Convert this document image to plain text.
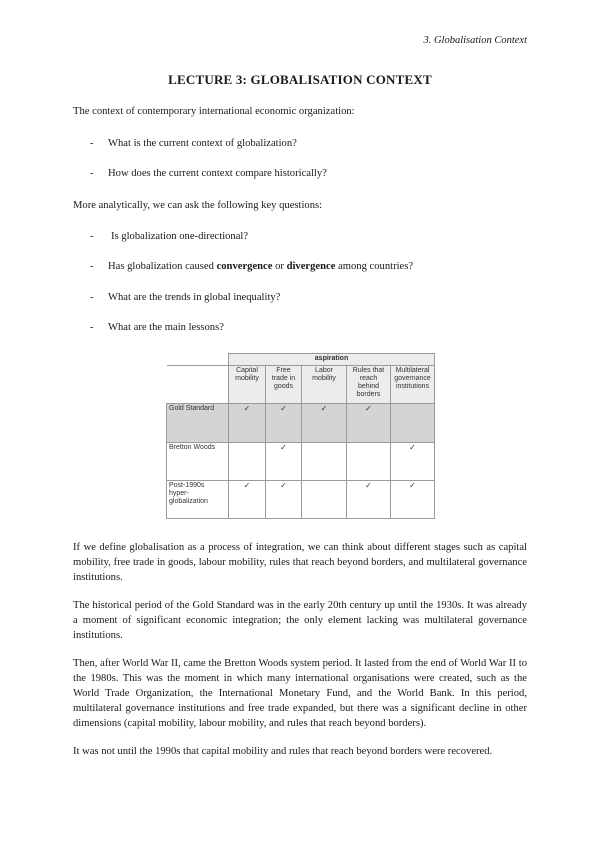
3. Globalisation Context
LECTURE 3: GLOBALISATION CONTEXT
The context of contemporary international economic organization:
- What is the current context of globalization?
- How does the current context compare historically?
More analytically, we can ask the following key questions:
- Is globalization one-directional?
- Has globalization caused convergence or divergence among countries?
- What are the trends in global inequality?
- What are the main lessons?
	aspiration				
	Capital mobility	Free trade in goods	Labor mobility	Rules that reach behind borders	Multilateral governance institutions
Gold Standard	✓	✓	✓	✓	
Bretton Woods		✓			✓
Post-1990s hyper-globalization	✓	✓		✓	✓
If we define globalisation as a process of integration, we can think about different stages such as capital mobility, free trade in goods, labour mobility, rules that reach beyond borders, and multilateral governance institutions.
The historical period of the Gold Standard was in the early 20th century up until the 1930s. It was already a moment of significant economic integration; the only element lacking was multilateral governance institutions.
Then, after World War II, came the Bretton Woods system period. It lasted from the end of World War II to the 1980s. This was the moment in which many international organisations were created, such as the World Trade Organization, the International Monetary Fund, and the World Bank. In this period, multilateral governance institutions and free trade expanded, but there was a significant decline in other dimensions (capital mobility, labour mobility, and rules that reach beyond borders).
It was not until the 1990s that capital mobility and rules that reach beyond borders were recovered.
